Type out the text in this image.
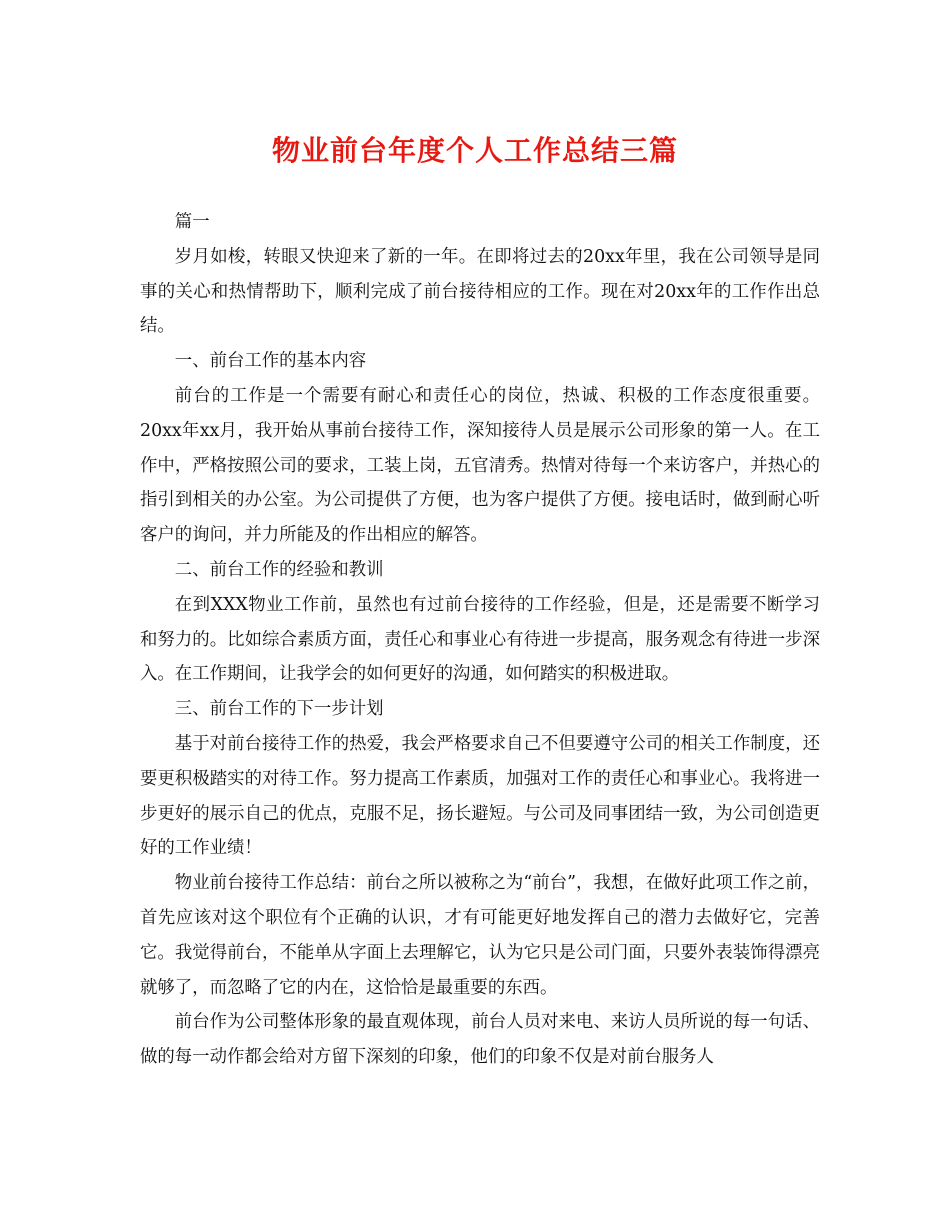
物业前台年度个人工作总结三篇

篇一

岁月如梭，转眼又快迎来了新的一年。在即将过去的20xx年里，我在公司领导是同事的关心和热情帮助下，顺利完成了前台接待相应的工作。现在对20xx年的工作作出总结。

一、前台工作的基本内容

前台的工作是一个需要有耐心和责任心的岗位，热诚、积极的工作态度很重要。20xx年xx月，我开始从事前台接待工作，深知接待人员是展示公司形象的第一人。在工作中，严格按照公司的要求，工装上岗，五官清秀。热情对待每一个来访客户，并热心的指引到相关的办公室。为公司提供了方便，也为客户提供了方便。接电话时，做到耐心听客户的询问，并力所能及的作出相应的解答。

二、前台工作的经验和教训

在到XXX物业工作前，虽然也有过前台接待的工作经验，但是，还是需要不断学习和努力的。比如综合素质方面，责任心和事业心有待进一步提高，服务观念有待进一步深入。在工作期间，让我学会的如何更好的沟通，如何踏实的积极进取。

三、前台工作的下一步计划

基于对前台接待工作的热爱，我会严格要求自己不但要遵守公司的相关工作制度，还要更积极踏实的对待工作。努力提高工作素质，加强对工作的责任心和事业心。我将进一步更好的展示自己的优点，克服不足，扬长避短。与公司及同事团结一致，为公司创造更好的工作业绩！

物业前台接待工作总结：前台之所以被称之为“前台”，我想，在做好此项工作之前，首先应该对这个职位有个正确的认识，才有可能更好地发挥自己的潜力去做好它，完善它。我觉得前台，不能单从字面上去理解它，认为它只是公司门面，只要外表装饰得漂亮就够了，而忽略了它的内在，这恰恰是最重要的东西。

前台作为公司整体形象的最直观体现，前台人员对来电、来访人员所说的每一句话、做的每一动作都会给对方留下深刻的印象，他们的印象不仅是对前台服务人
